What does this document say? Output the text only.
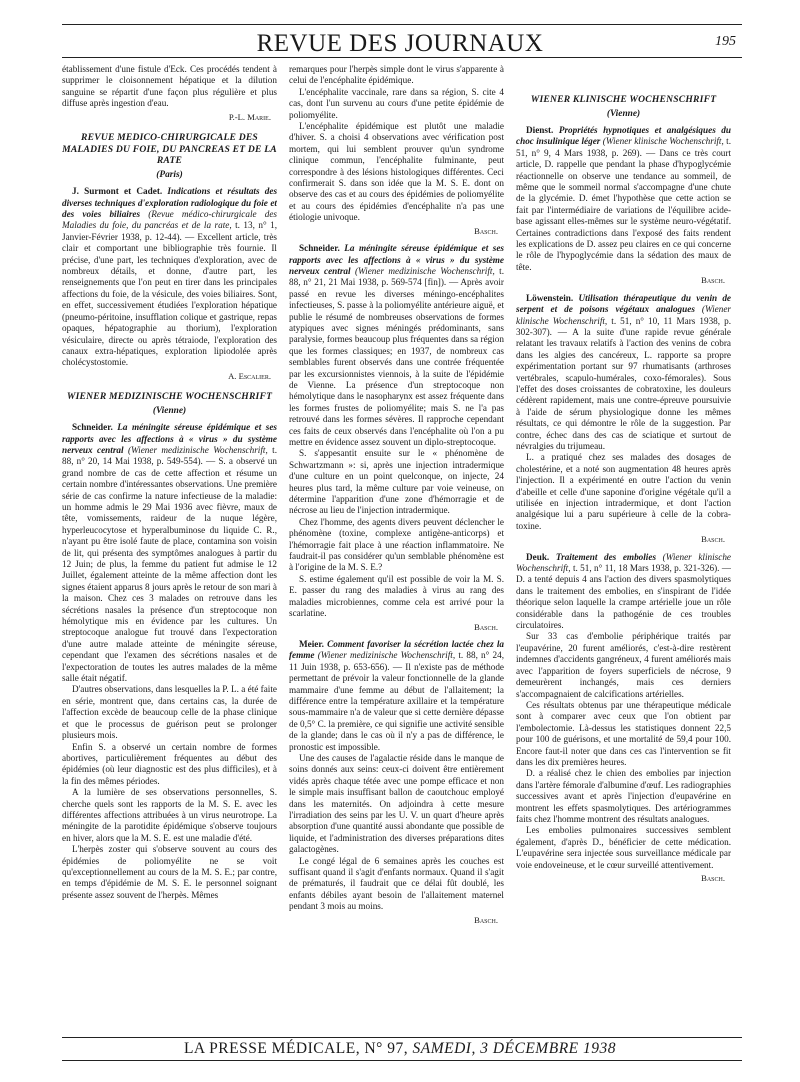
REVUE DES JOURNAUX	195

établissement d'une fistule d'Eck. Ces procédés tendent à supprimer le cloisonnement hépatique et la dilution sanguine se répartit d'une façon plus régulière et plus diffuse après ingestion d'eau.

P.-L. Marie.
REVUE MEDICO-CHIRURGICALE DES MALADIES DU FOIE, DU PANCREAS ET DE LA RATE
(Paris)

J. Surmont et Cadet. Indications et résultats des diverses techniques d'exploration radiologique du foie et des voies biliaires (Revue médico-chirurgicale des Maladies du foie, du pancréas et de la rate, t. 13, n° 1, Janvier-Février 1938, p. 12-44). — Excellent article, très clair et comportant une bibliographie très fournie. Il précise, d'une part, les techniques d'exploration, avec de nombreux détails, et donne, d'autre part, les renseignements que l'on peut en tirer dans les principales affections du foie, de la vésicule, des voies biliaires. Sont, en effet, successivement étudiées l'exploration hépatique (pneumo-péritoine, insufflation colique et gastrique, repas opaques, hépatographie au thorium), l'exploration vésiculaire, directe ou après tétraiode, l'exploration des canaux extra-hépatiques, exploration lipiodolée après cholécystostomie.

A. Escalier.
WIENER MEDIZINISCHE WOCHENSCHRIFT
(Vienne)

Schneider. La méningite séreuse épidémique et ses rapports avec les affections à « virus » du système nerveux central (Wiener medizinische Wochenschrift, t. 88, n° 20, 14 Mai 1938, p. 549-554). — S. a observé un grand nombre de cas de cette affection et résume un certain nombre d'intéressantes observations. Une première série de cas confirme la nature infectieuse de la maladie: un homme admis le 29 Mai 1936 avec fièvre, maux de tête, vomissements, raideur de la nuque légère, hyperleucocytose et hyperalbuminose du liquide C. R., n'ayant pu être isolé faute de place, contamina son voisin de lit, qui présenta des symptômes analogues à partir du 12 Juin; de plus, la femme du patient fut admise le 12 Juillet, également atteinte de la même affection dont les signes étaient apparus 8 jours après le retour de son mari à la maison. Chez ces 3 malades on retrouve dans les sécrétions nasales la présence d'un streptocoque non hémolytique mis en évidence par les cultures. Un streptocoque analogue fut trouvé dans l'expectoration d'une autre malade atteinte de méningite séreuse, cependant que l'examen des sécrétions nasales et de l'expectoration de toutes les autres malades de la même salle était négatif.

D'autres observations, dans lesquelles la P. L. a été faite en série, montrent que, dans certains cas, la durée de l'affection excède de beaucoup celle de la phase clinique et que le processus de guérison peut se prolonger plusieurs mois.

Enfin S. a observé un certain nombre de formes abortives, particulièrement fréquentes au début des épidémies (où leur diagnostic est des plus difficiles), et à la fin des mêmes périodes.

A la lumière de ses observations personnelles, S. cherche quels sont les rapports de la M. S. E. avec les différentes affections attribuées à un virus neurotrope. La méningite de la parotidite épidémique s'observe toujours en hiver, alors que la M. S. E. est une maladie d'été.

L'herpès zoster qui s'observe souvent au cours des épidémies de poliomyélite ne se voit qu'exceptionnellement au cours de la M. S. E.; par contre, en temps d'épidémie de M. S. E. le personnel soignant présente assez souvent de l'herpès. Mêmes

remarques pour l'herpès simple dont le virus s'apparente à celui de l'encéphalite épidémique.

L'encéphalite vaccinale, rare dans sa région, S. cite 4 cas, dont l'un survenu au cours d'une petite épidémie de poliomyélite.

L'encéphalite épidémique est plutôt une maladie d'hiver. S. a choisi 4 observations avec vérification post mortem, qui lui semblent prouver qu'un syndrome clinique commun, l'encéphalite fulminante, peut correspondre à des lésions histologiques différentes. Ceci confirmerait S. dans son idée que la M. S. E. dont on observe des cas et au cours des épidémies de poliomyélite et au cours des épidémies d'encéphalite n'a pas une étiologie univoque.

Basch.

Schneider. La méningite séreuse épidémique et ses rapports avec les affections à « virus » du système nerveux central (Wiener medizinische Wochenschrift, t. 88, n° 21, 21 Mai 1938, p. 569-574 [fin]). — Après avoir passé en revue les diverses méningo-encéphalites infectieuses, S. passe à la poliomyélite antérieure aiguë, et publie le résumé de nombreuses observations de formes atypiques avec signes méningés prédominants, sans paralysie, formes beaucoup plus fréquentes dans sa région que les formes classiques; en 1937, de nombreux cas semblables furent observés dans une contrée fréquentée par les excursionnistes viennois, à la suite de l'épidémie de Vienne. La présence d'un streptocoque non hémolytique dans le nasopharynx est assez fréquente dans les formes frustes de poliomyélite; mais S. ne l'a pas retrouvé dans les formes sévères. Il rapproche cependant ces faits de ceux observés dans l'encéphalite où l'on a pu mettre en évidence assez souvent un diplo-streptocoque.

S. s'appesantit ensuite sur le « phénomène de Schwartzmann »: si, après une injection intradermique d'une culture en un point quelconque, on injecte, 24 heures plus tard, la même culture par voie veineuse, on détermine l'apparition d'une zone d'hémorragie et de nécrose au lieu de l'injection intradermique.

Chez l'homme, des agents divers peuvent déclencher le phénomène (toxine, complexe antigène-anticorps) et l'hémorragie fait place à une réaction inflammatoire. Ne faudrait-il pas considérer qu'un semblable phénomène est à l'origine de la M. S. E.?

S. estime également qu'il est possible de voir la M. S. E. passer du rang des maladies à virus au rang des maladies microbiennes, comme cela est arrivé pour la scarlatine.

Basch.

Meier. Comment favoriser la sécrétion lactée chez la femme (Wiener medizinische Wochenschrift, t. 88, n° 24, 11 Juin 1938, p. 653-656). — Il n'existe pas de méthode permettant de prévoir la valeur fonctionnelle de la glande mammaire d'une femme au début de l'allaitement; la différence entre la température axillaire et la température sous-mammaire n'a de valeur que si cette dernière dépasse de 0,5° C. la première, ce qui signifie une activité sensible de la glande; dans le cas où il n'y a pas de différence, le pronostic est impossible.

Une des causes de l'agalactie réside dans le manque de soins donnés aux seins: ceux-ci doivent être entièrement vidés après chaque tétée avec une pompe efficace et non le simple mais insuffisant ballon de caoutchouc employé dans les maternités. On adjoindra à cette mesure l'irradiation des seins par les U. V. un quart d'heure après absorption d'une quantité aussi abondante que possible de liquide, et l'administration des diverses préparations dites galactogènes.

Le congé légal de 6 semaines après les couches est suffisant quand il s'agit d'enfants normaux. Quand il s'agit de prématurés, il faudrait que ce délai fût doublé, les enfants débiles ayant besoin de l'allaitement maternel pendant 3 mois au moins.

Basch.
WIENER KLINISCHE WOCHENSCHRIFT
(Vienne)

Dienst. Propriétés hypnotiques et analgésiques du choc insulinique léger (Wiener klinische Wochenschrift, t. 51, n° 9, 4 Mars 1938, p. 269). — Dans ce très court article, D. rappelle que pendant la phase d'hypoglycémie réactionnelle on observe une tendance au sommeil, de même que le sommeil normal s'accompagne d'une chute de la glycémie. D. émet l'hypothèse que cette action se fait par l'intermédiaire de variations de l'équilibre acide-base agissant elles-mêmes sur le système neuro-végétatif. Certaines contradictions dans l'exposé des faits rendent les explications de D. assez peu claires en ce qui concerne le rôle de l'hypoglycémie dans la sédation des maux de tête.

Basch.

Löwenstein. Utilisation thérapeutique du venin de serpent et de poisons végétaux analogues (Wiener klinische Wochenschrift, t. 51, n° 10, 11 Mars 1938, p. 302-307). — A la suite d'une rapide revue générale relatant les travaux relatifs à l'action des venins de cobra dans les algies des cancéreux, L. rapporte sa propre expérimentation portant sur 97 rhumatisants (arthroses vertébrales, scapulo-humérales, coxo-fémorales). Sous l'effet des doses croissantes de cobratoxine, les douleurs cédèrent rapidement, mais une contre-épreuve poursuivie à l'aide de sérum physiologique donne les mêmes résultats, ce qui démontre le rôle de la suggestion. Par contre, échec dans des cas de sciatique et surtout de névralgies du trijumeau.

L. a pratiqué chez ses malades des dosages de cholestérine, et a noté son augmentation 48 heures après l'injection. Il a expérimenté en outre l'action du venin d'abeille et celle d'une saponine d'origine végétale qu'il a utilisée en injection intradermique, et dont l'action analgésique lui a paru supérieure à celle de la cobra-toxine.

Basch.

Deuk. Traitement des embolies (Wiener klinische Wochenschrift, t. 51, n° 11, 18 Mars 1938, p. 321-326). — D. a tenté depuis 4 ans l'action des divers spasmolytiques dans le traitement des embolies, en s'inspirant de l'idée théorique selon laquelle la crampe artérielle joue un rôle considérable dans la pathogénie de ces troubles circulatoires.

Sur 33 cas d'embolie périphérique traités par l'eupavérine, 20 furent améliorés, c'est-à-dire restèrent indemnes d'accidents gangréneux, 4 furent améliorés mais avec l'apparition de foyers superficiels de nécrose, 9 demeurèrent inchangés, mais ces derniers s'accompagnaient de calcifications artérielles.

Ces résultats obtenus par une thérapeutique médicale sont à comparer avec ceux que l'on obtient par l'embolectomie. Là-dessus les statistiques donnent 22,5 pour 100 de guérisons, et une mortalité de 59,4 pour 100. Encore faut-il noter que dans ces cas l'intervention se fit dans les dix premières heures.

D. a réalisé chez le chien des embolies par injection dans l'artère fémorale d'albumine d'œuf. Les radiographies successives avant et après l'injection d'eupavérine en montrent les effets spasmolytiques. Des artériogrammes faits chez l'homme montrent des résultats analogues.

Les embolies pulmonaires successives semblent également, d'après D., bénéficier de cette médication. L'eupavérine sera injectée sous surveillance médicale par voie endoveineuse, et le cœur surveillé attentivement.

Basch.
LA PRESSE MÉDICALE, N° 97, SAMEDI, 3 DÉCEMBRE 1938
